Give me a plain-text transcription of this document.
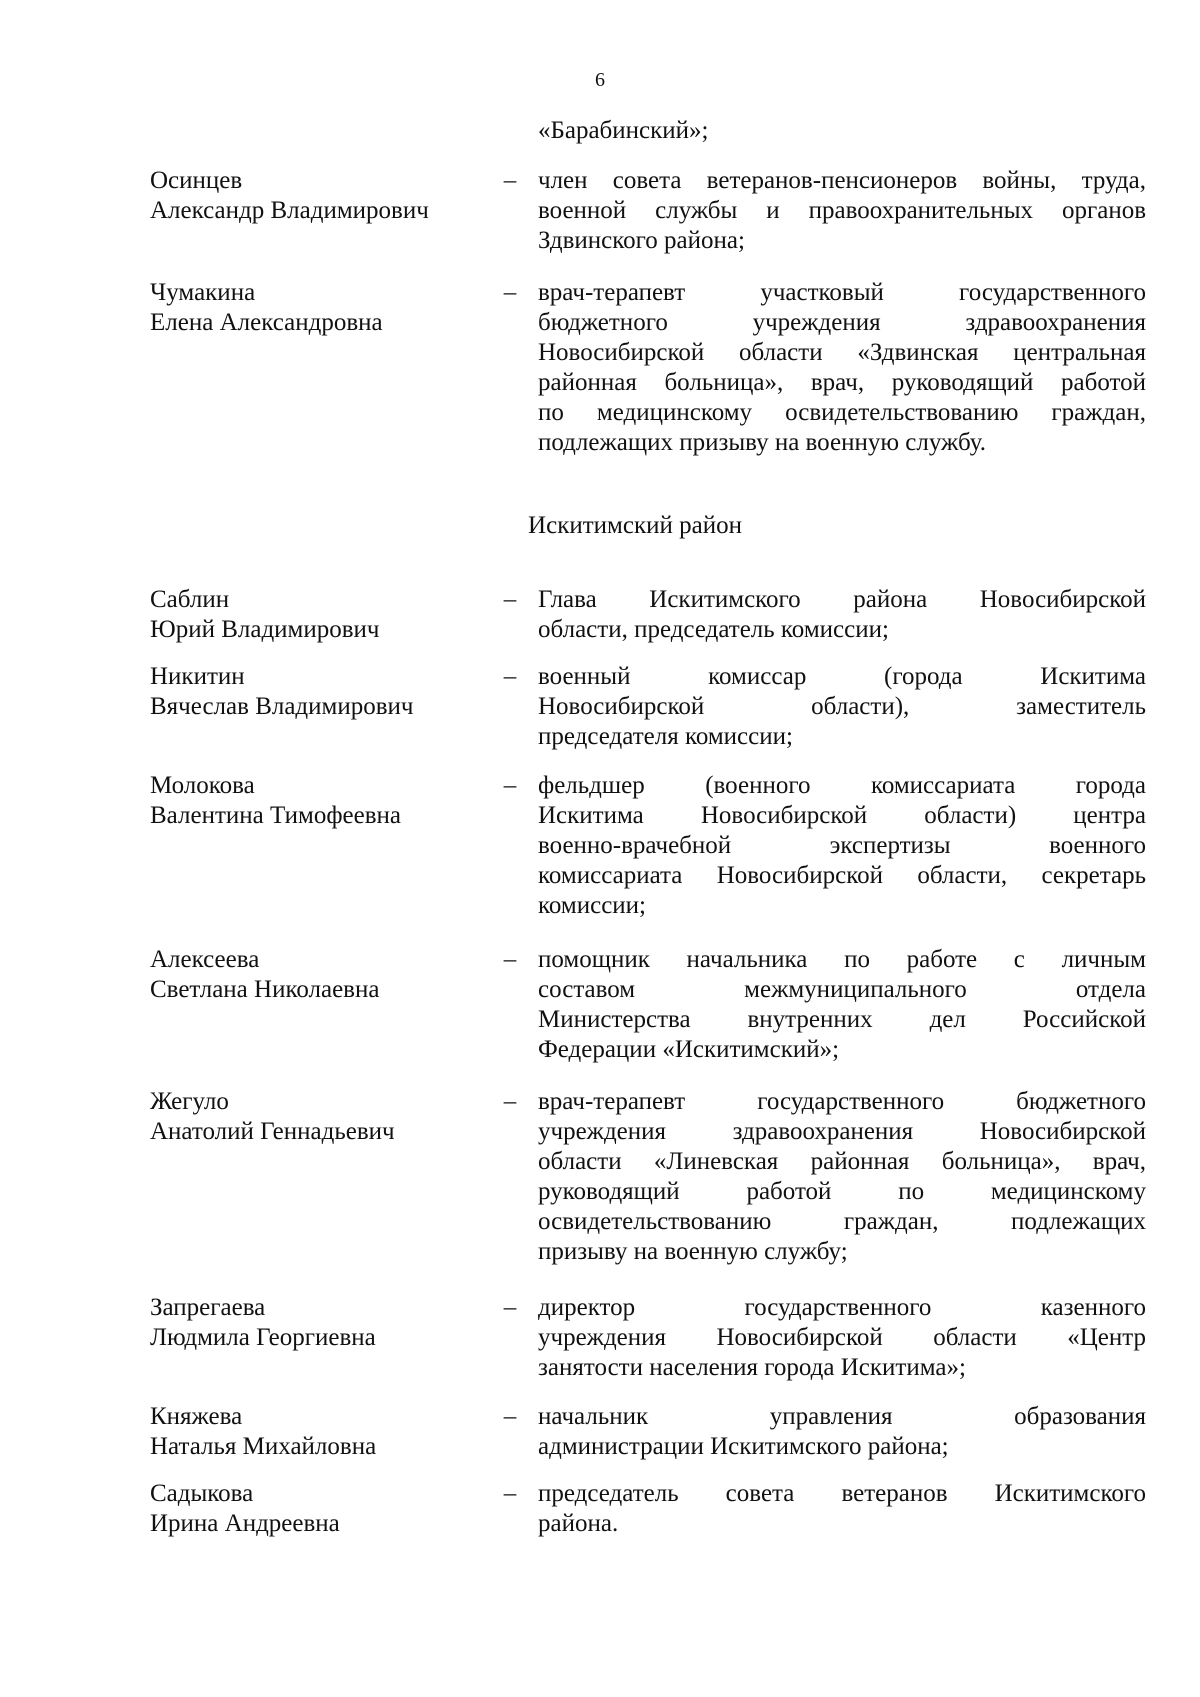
6
«Барабинский»;
Осинцев
Александр Владимирович
– член совета ветеранов-пенсионеров войны, труда,
военной службы и правоохранительных органов
Здвинского района;
Чумакина
Елена Александровна
– врач-терапевт участковый государственного
бюджетного учреждения здравоохранения
Новосибирской области «Здвинская центральная
районная больница», врач, руководящий работой
по медицинскому освидетельствованию граждан,
подлежащих призыву на военную службу.
Искитимский район
Саблин
Юрий Владимирович
– Глава Искитимского района Новосибирской
области, председатель комиссии;
Никитин
Вячеслав Владимирович
– военный комиссар (города Искитима
Новосибирской области), заместитель
председателя комиссии;
Молокова
Валентина Тимофеевна
– фельдшер (военного комиссариата города
Искитима Новосибирской области) центра
военно-врачебной экспертизы военного
комиссариата Новосибирской области, секретарь
комиссии;
Алексеева
Светлана Николаевна
– помощник начальника по работе с личным
составом межмуниципального отдела
Министерства внутренних дел Российской
Федерации «Искитимский»;
Жегуло
Анатолий Геннадьевич
– врач-терапевт государственного бюджетного
учреждения здравоохранения Новосибирской
области «Линевская районная больница», врач,
руководящий работой по медицинскому
освидетельствованию граждан, подлежащих
призыву на военную службу;
Запрегаева
Людмила Георгиевна
– директор государственного казенного
учреждения Новосибирской области «Центр
занятости населения города Искитима»;
Княжева
Наталья Михайловна
– начальник управления образования
администрации Искитимского района;
Садыкова
Ирина Андреевна
– председатель совета ветеранов Искитимского
района.
